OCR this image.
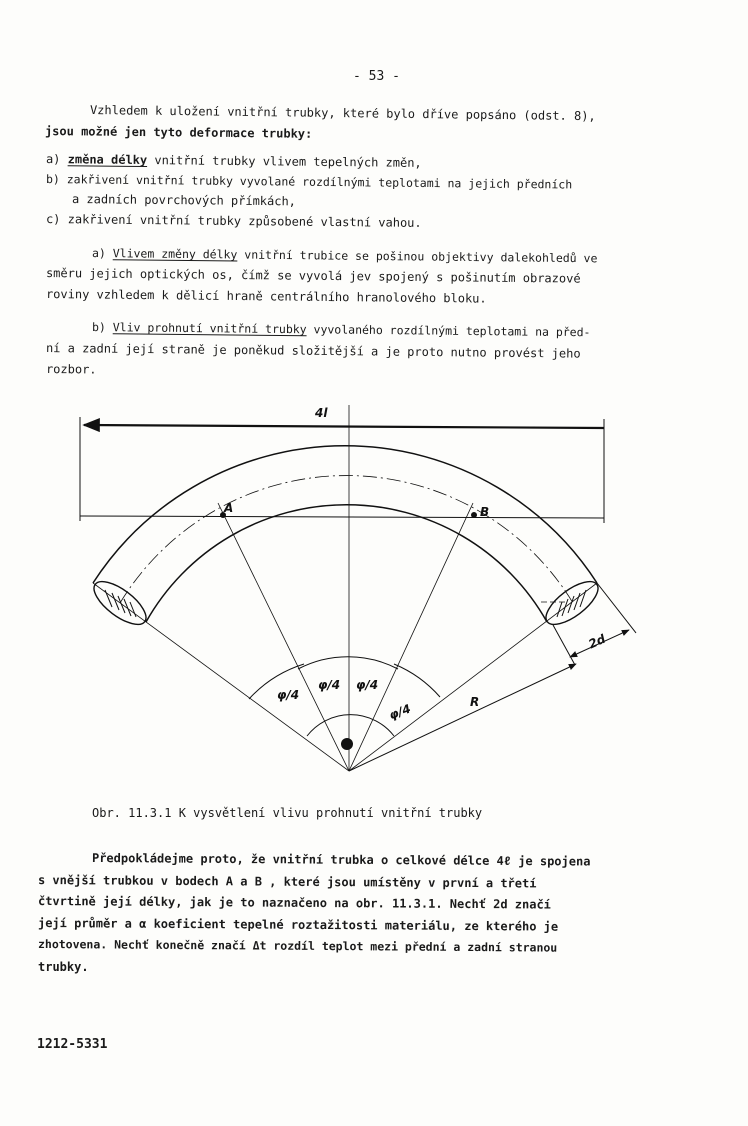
- 53 -
Vzhledem k uložení vnitřní trubky, které bylo dříve popsáno (odst. 8),
jsou možné jen tyto deformace trubky:
a) změna délky vnitřní trubky vlivem tepelných změn,
b) zakřivení vnitřní trubky vyvolané rozdílnými teplotami na jejich předních
a zadních povrchových přímkách,
c) zakřivení vnitřní trubky způsobené vlastní vahou.
a) Vlivem změny délky vnitřní trubice se pošinou objektivy dalekohledů ve
směru jejich optických os, čímž se vyvolá jev spojený s pošinutím obrazové
roviny vzhledem k dělicí hraně centrálního hranolového bloku.
b) Vliv prohnutí vnitřní trubky vyvolaného rozdílnými teplotami na před-
ní a zadní její straně je poněkud složitější a je proto nutno provést jeho
rozbor.
4l
A	B
2d
R
φ/4
φ/4 φ/4
φ/4
Obr. 11.3.1 K vysvětlení vlivu prohnutí vnitřní trubky
Předpokládejme proto, že vnitřní trubka o celkové délce 4ℓ je spojena
s vnější trubkou v bodech A a B , které jsou umístěny v první a třetí
čtvrtině její délky, jak je to naznačeno na obr. 11.3.1. Nechť 2d značí
její průměr a α koeficient tepelné roztažitosti materiálu, ze kterého je
zhotovena. Nechť konečně značí Δt rozdíl teplot mezi přední a zadní stranou
trubky.
1212-5331
